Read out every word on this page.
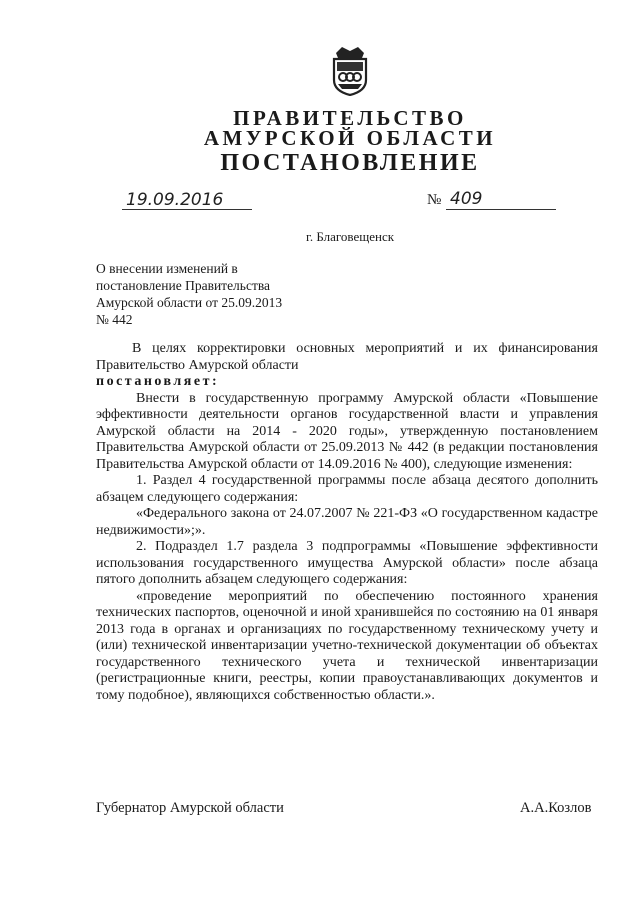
ПРАВИТЕЛЬСТВО
АМУРСКОЙ ОБЛАСТИ
ПОСТАНОВЛЕНИЕ
19.09.2016	№ 409
г. Благовещенск
О внесении изменений в
постановление Правительства
Амурской области от 25.09.2013
№ 442

В целях корректировки основных мероприятий и их финансирования Правительство Амурской области

постановляет:

Внести в государственную программу Амурской области «Повышение эффективности деятельности органов государственной власти и управления Амурской области на 2014 - 2020 годы», утвержденную постановлением Правительства Амурской области от 25.09.2013 № 442 (в редакции постановления Правительства Амурской области от 14.09.2016 № 400), следующие изменения:

1. Раздел 4 государственной программы после абзаца десятого дополнить абзацем следующего содержания:

«Федерального закона от 24.07.2007 № 221-ФЗ «О государственном кадастре недвижимости»;».

2. Подраздел 1.7 раздела 3 подпрограммы «Повышение эффективности использования государственного имущества Амурской области» после абзаца пятого дополнить абзацем следующего содержания:

«проведение мероприятий по обеспечению постоянного хранения технических паспортов, оценочной и иной хранившейся по состоянию на 01 января 2013 года в органах и организациях по государственному техническому учету и (или) технической инвентаризации учетно-технической документации об объектах государственного технического учета и технической инвентаризации (регистрационные книги, реестры, копии правоустанавливающих документов и тому подобное), являющихся собственностью области.».

Губернатор Амурской области	А.А.Козлов
